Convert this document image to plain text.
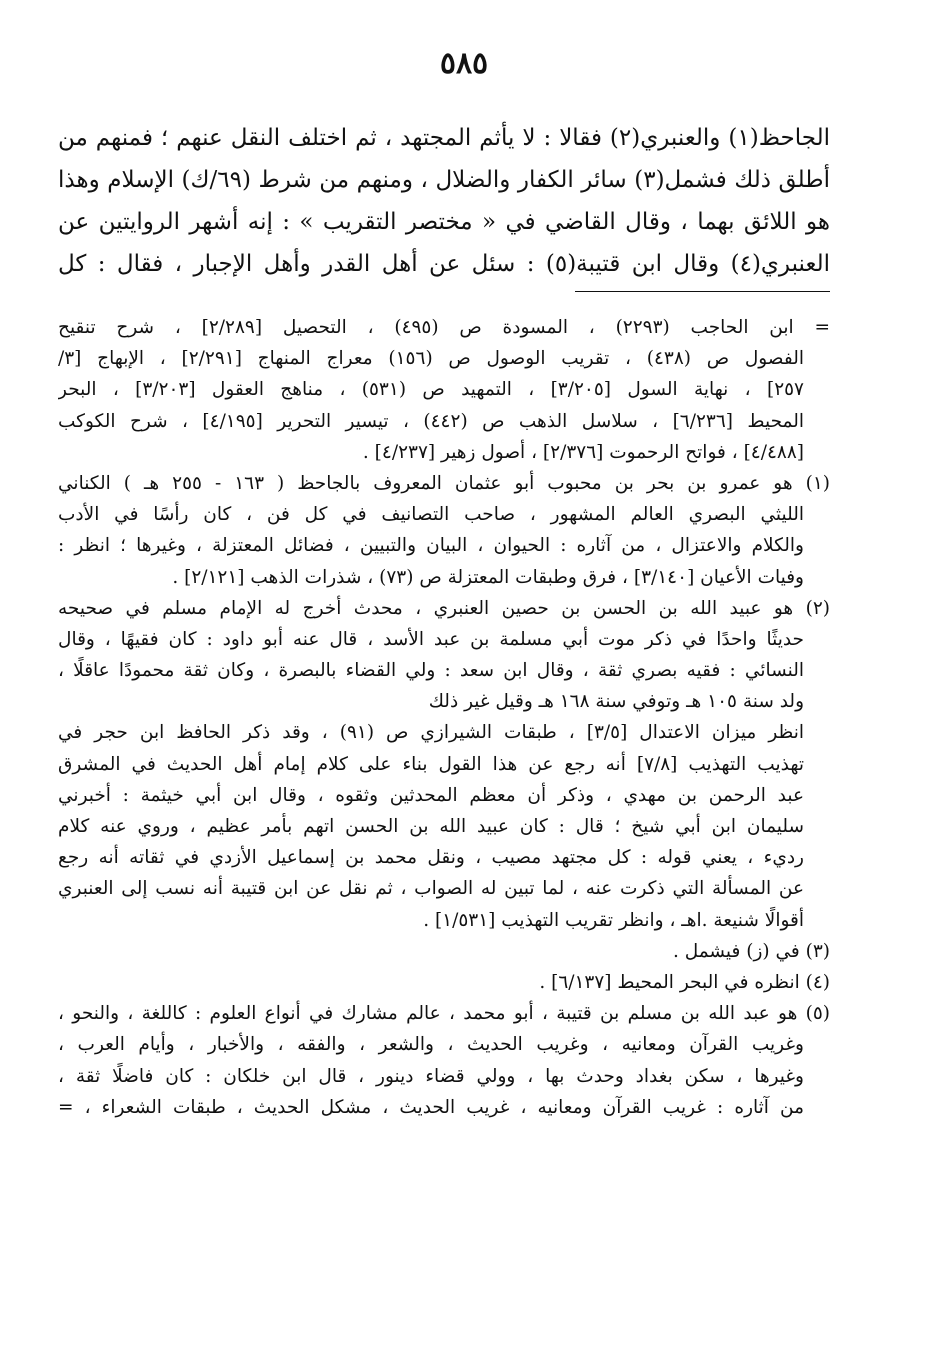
٥٨٥
الجاحظ(١) والعنبري(٢) فقالا : لا يأثم المجتهد ، ثم اختلف النقل عنهم ؛ فمنهم من
أطلق ذلك فشمل(٣) سائر الكفار والضلال ، ومنهم من شرط (٦٩/ك) الإسلام وهذا
هو اللائق بهما ، وقال القاضي في « مختصر التقريب » : إنه أشهر الروايتين عن
العنبري(٤) وقال ابن قتيبة(٥) : سئل عن أهل القدر وأهل الإجبار ، فقال : كل
= ابن الحاجب (٢٢٩٣) ، المسودة ص (٤٩٥) ، التحصيل [٢/٢٨٩] ، شرح تنقيح
الفصول ص (٤٣٨) ، تقريب الوصول ص (١٥٦) معراج المنهاج [٢/٢٩١] ، الإبهاج [٣/
٢٥٧] ، نهاية السول [٣/٢٠٥] ، التمهيد ص (٥٣١) ، مناهج العقول [٣/٢٠٣] ، البحر
المحيط [٦/٢٣٦] ، سلاسل الذهب ص (٤٤٢) ، تيسير التحرير [٤/١٩٥] ، شرح الكوكب
[٤/٤٨٨] ، فواتح الرحموت [٢/٣٧٦] ، أصول زهير [٤/٢٣٧] .
(١) هو عمرو بن بحر بن محبوب أبو عثمان المعروف بالجاحظ ( ١٦٣ - ٢٥٥ هـ ) الكناني
الليثي البصري العالم المشهور ، صاحب التصانيف في كل فن ، كان رأسًا في الأدب
والكلام والاعتزال ، من آثاره : الحيوان ، البيان والتبيين ، فضائل المعتزلة ، وغيرها ؛ انظر :
وفيات الأعيان [٣/١٤٠] ، فرق وطبقات المعتزلة ص (٧٣) ، شذرات الذهب [٢/١٢١] .
(٢) هو عبيد الله بن الحسن بن حصين العنبري ، محدث أخرج له الإمام مسلم في صحيحه
حديثًا واحدًا في ذكر موت أبي مسلمة بن عبد الأسد ، قال عنه أبو داود : كان فقيهًا ، وقال
النسائي : فقيه بصري ثقة ، وقال ابن سعد : ولي القضاء بالبصرة ، وكان ثقة محمودًا عاقلًا ،
ولد سنة ١٠٥ هـ وتوفي سنة ١٦٨ هـ وقيل غير ذلك
انظر ميزان الاعتدال [٣/٥] ، طبقات الشيرازي ص (٩١) ، وقد ذكر الحافظ ابن حجر في
تهذيب التهذيب [٧/٨] أنه رجع عن هذا القول بناء على كلام إمام أهل الحديث في المشرق
عبد الرحمن بن مهدي ، وذكر أن معظم المحدثين وثقوه ، وقال ابن أبي خيثمة : أخبرني
سليمان ابن أبي شيخ ؛ قال : كان عبيد الله بن الحسن اتهم بأمر عظيم ، وروي عنه كلام
رديء ، يعني قوله : كل مجتهد مصيب ، ونقل محمد بن إسماعيل الأزدي في ثقاته أنه رجع
عن المسألة التي ذكرت عنه ، لما تبين له الصواب ، ثم نقل عن ابن قتيبة أنه نسب إلى العنبري
أقوالًا شنيعة .اهـ ، وانظر تقريب التهذيب [١/٥٣١] .
(٣) في (ز) فيشمل .
(٤) انظره في البحر المحيط [٦/١٣٧] .
(٥) هو عبد الله بن مسلم بن قتيبة ، أبو محمد ، عالم مشارك في أنواع العلوم : كاللغة ، والنحو ،
وغريب القرآن ومعانيه ، وغريب الحديث ، والشعر ، والفقه ، والأخبار ، وأيام العرب ،
وغيرها ، سكن بغداد وحدث بها ، وولي قضاء دينور ، قال ابن خلكان : كان فاضلًا ثقة ،
من آثاره : غريب القرآن ومعانيه ، غريب الحديث ، مشكل الحديث ، طبقات الشعراء ، =
